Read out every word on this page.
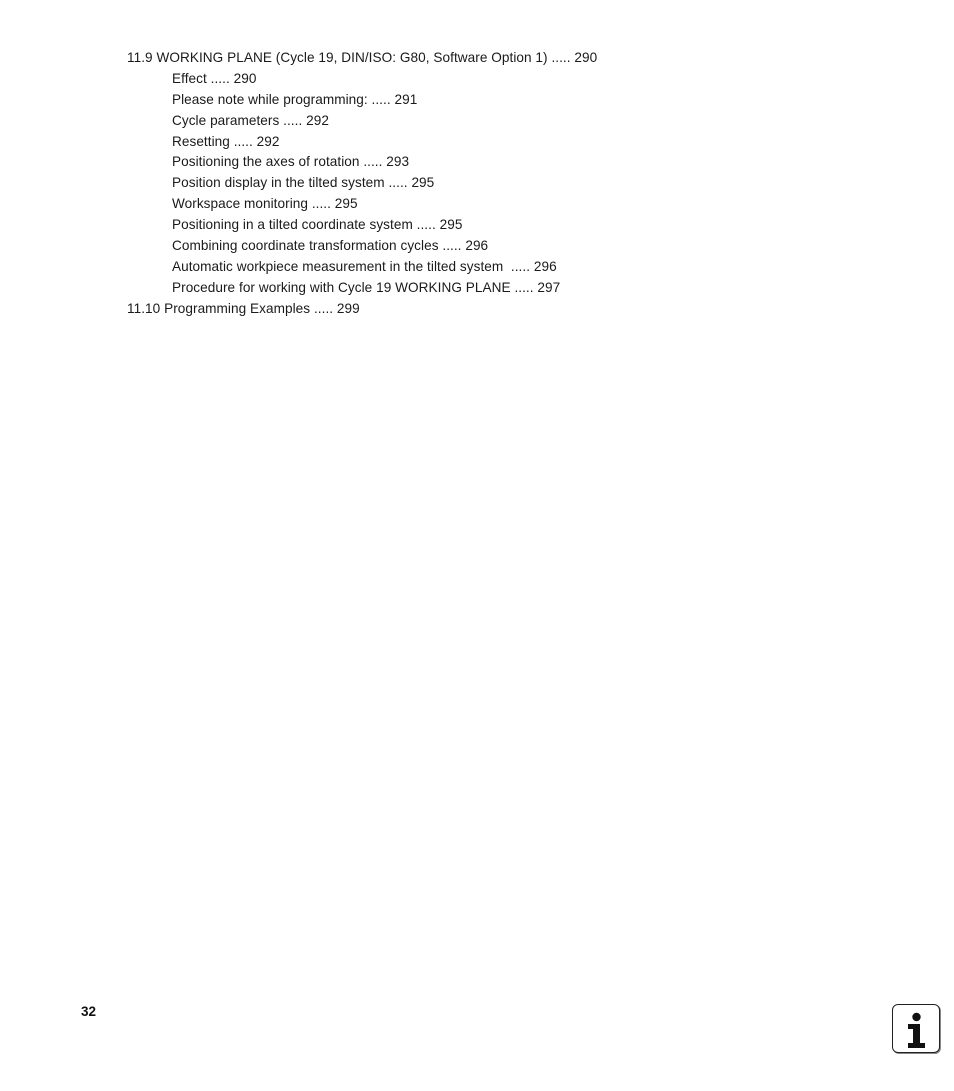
11.9 WORKING PLANE (Cycle 19, DIN/ISO: G80, Software Option 1) ..... 290
Effect ..... 290
Please note while programming: ..... 291
Cycle parameters ..... 292
Resetting ..... 292
Positioning the axes of rotation ..... 293
Position display in the tilted system ..... 295
Workspace monitoring ..... 295
Positioning in a tilted coordinate system ..... 295
Combining coordinate transformation cycles ..... 296
Automatic workpiece measurement in the tilted system  ..... 296
Procedure for working with Cycle 19 WORKING PLANE ..... 297
11.10 Programming Examples ..... 299
32
